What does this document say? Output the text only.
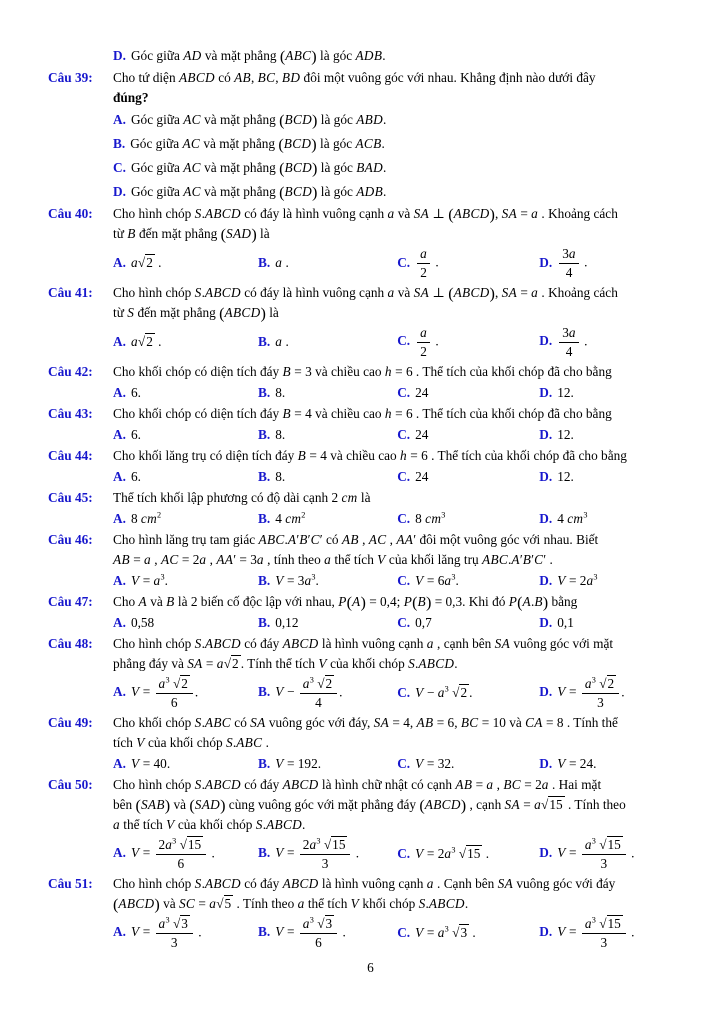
D. Góc giữa AD và mặt phẳng (ABC) là góc ADB.
Câu 39:	Cho tứ diện ABCD có AB, BC, BD đôi một vuông góc với nhau. Khẳng định nào dưới đây
đúng?
A. Góc giữa AC và mặt phẳng (BCD) là góc ABD.
B. Góc giữa AC và mặt phẳng (BCD) là góc ACB.
C. Góc giữa AC và mặt phẳng (BCD) là góc BAD.
D. Góc giữa AC và mặt phẳng (BCD) là góc ADB.
Câu 40:	Cho hình chóp S.ABCD có đáy là hình vuông cạnh a và SA ⊥ (ABCD), SA = a . Khoảng cách
từ B đến mặt phẳng (SAD) là
A. a√2 .	B. a .	C. $\frac{a}{2}$ .	D. $\frac{3a}{4}$ .
Câu 41:	Cho hình chóp S.ABCD có đáy là hình vuông cạnh a và SA ⊥ (ABCD), SA = a . Khoảng cách
từ S đến mặt phẳng (ABCD) là
A. a√2 .	B. a .	C. $\frac{a}{2}$ .	D. $\frac{3a}{4}$ .
Câu 42:	Cho khối chóp có diện tích đáy B = 3 và chiều cao h = 6 . Thể tích của khối chóp đã cho bằng
A. 6.	B. 8.	C. 24	D. 12.
Câu 43:	Cho khối chóp có diện tích đáy B = 4 và chiều cao h = 6 . Thể tích của khối chóp đã cho bằng
A. 6.	B. 8.	C. 24	D. 12.
Câu 44:	Cho khối lăng trụ có diện tích đáy B = 4 và chiều cao h = 6 . Thể tích của khối chóp đã cho bằng
A. 6.	B. 8.	C. 24	D. 12.
Câu 45:	Thể tích khối lập phương có độ dài cạnh 2 cm là
A. 8 $cm^2$	B. 4 $cm^2$	C. 8 $cm^3$	D. 4 $cm^3$
Câu 46:	Cho hình lăng trụ tam giác ABC.A′B′C′ có AB , AC , AA′ đôi một vuông góc với nhau. Biết
AB = a , AC = 2a , AA′ = 3a , tính theo a thể tích V của khối lăng trụ ABC.A′B′C′ .
A. $V = a^3$.	B. $V = 3a^3$.	C. $V = 6a^3$.	D. $V = 2a^3$
Câu 47:	Cho A và B là 2 biến cố độc lập với nhau, P(A) = 0,4; P(B) = 0,3. Khi đó P(A.B) bằng
A. 0,58	B. 0,12	C. 0,7	D. 0,1
Câu 48:	Cho hình chóp S.ABCD có đáy ABCD là hình vuông cạnh a , cạnh bên SA vuông góc với mặt
phẳng đáy và SA = a√2 . Tính thể tích V của khối chóp S.ABCD.
A. $V = \frac{a^3 √2}{6}$ .	B. $V - \frac{a^3 √2}{4}$ .	C. $V - a^3$ √2 .	D. $V = \frac{a^3 √2}{3}$ .
Câu 49:	Cho khối chóp S.ABC có SA vuông góc với đáy, SA = 4, AB = 6, BC = 10 và CA = 8 . Tính thể
tích V của khối chóp S.ABC .
A. V = 40.	B. V = 192.	C. V = 32.	D. V = 24.
Câu 50:	Cho hình chóp S.ABCD có đáy ABCD là hình chữ nhật có cạnh AB = a , BC = 2a . Hai mặt
bên (SAB) và (SAD) cùng vuông góc với mặt phẳng đáy (ABCD) , cạnh SA = a√15 . Tính theo
a thể tích V của khối chóp S.ABCD.
A. $V = \frac{2a^3 √15}{6}$ .	B. $V = \frac{2a^3 √15}{3}$ .	C. $V = 2a^3$ √15 .	D. $V = \frac{a^3 √15}{3}$ .
Câu 51:	Cho hình chóp S.ABCD có đáy ABCD là hình vuông cạnh a . Cạnh bên SA vuông góc với đáy
(ABCD) và SC = a√5 . Tính theo a thể tích V khối chóp S.ABCD.
A. $V = \frac{a^3 √3}{3}$ .	B. $V = \frac{a^3 √3}{6}$ .	C. $V = a^3$ √3 .	D. $V = \frac{a^3 √15}{3}$ .
6
